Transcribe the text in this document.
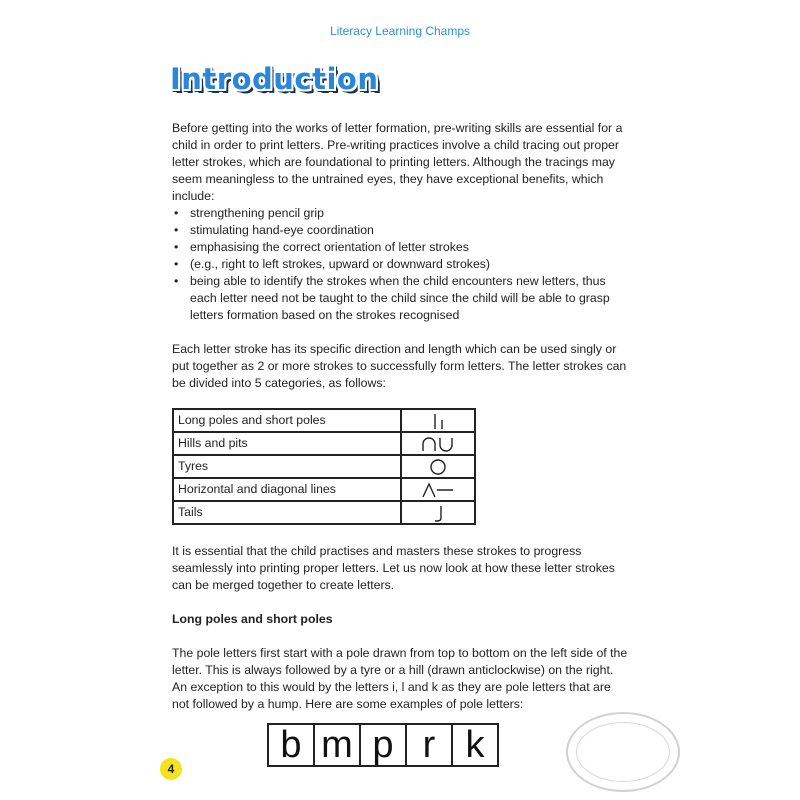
Literacy Learning Champs
Introduction

Before getting into the works of letter formation, pre-writing skills are essential for a child in order to print letters. Pre-writing practices involve a child tracing out proper letter strokes, which are foundational to printing letters. Although the tracings may seem meaningless to the untrained eyes, they have exceptional benefits, which include:

• strengthening pencil grip
• stimulating hand-eye coordination
• emphasising the correct orientation of letter strokes
• (e.g., right to left strokes, upward or downward strokes)
• being able to identify the strokes when the child encounters new letters, thus each letter need not be taught to the child since the child will be able to grasp letters formation based on the strokes recognised

Each letter stroke has its specific direction and length which can be used singly or put together as 2 or more strokes to successfully form letters. The letter strokes can be divided into 5 categories, as follows:

Long poles and short poles	

Hills and pits	

Tyres	

Horizontal and diagonal lines	

Tails	

It is essential that the child practises and masters these strokes to progress seamlessly into printing proper letters. Let us now look at how these letter strokes can be merged together to create letters.

Long poles and short poles

The pole letters first start with a pole drawn from top to bottom on the left side of the letter. This is always followed by a tyre or a hill (drawn anticlockwise) on the right. An exception to this would by the letters i, l and k as they are pole letters that are not followed by a hump. Here are some examples of pole letters:

b m p r k
4
